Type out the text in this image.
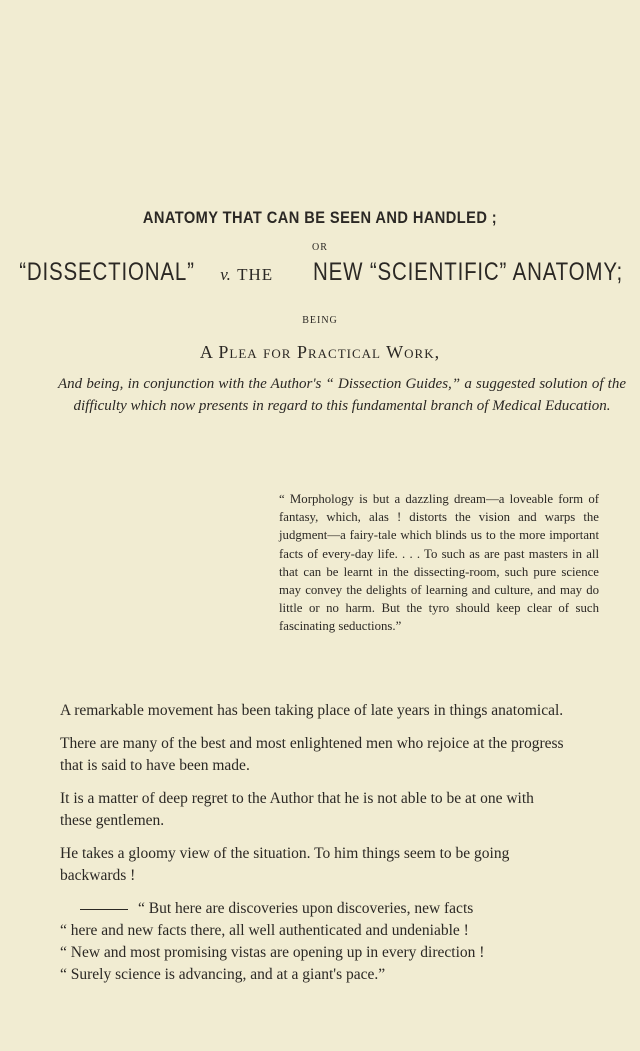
ANATOMY THAT CAN BE SEEN AND HANDLED ;
OR
“DISSECTIONAL” v. THE NEW “SCIENTIFIC” ANATOMY;
BEING
A Plea for Practical Work,
And being, in conjunction with the Author's “ Dissection Guides,” a suggested solution of the difficulty which now presents in regard to this fundamental branch of Medical Education.
“ Morphology is but a dazzling dream—a loveable form of fantasy, which, alas ! distorts the vision and warps the judgment—a fairy-tale which blinds us to the more important facts of every-day life. . . . To such as are past masters in all that can be learnt in the dissecting-room, such pure science may convey the delights of learning and culture, and may do little or no harm. But the tyro should keep clear of such fascinating seductions.”

A remarkable movement has been taking place of late years in things anatomical.

There are many of the best and most enlightened men who rejoice at the progress that is said to have been made.

It is a matter of deep regret to the Author that he is not able to be at one with these gentlemen.

He takes a gloomy view of the situation. To him things seem to be going backwards !

“ But here are discoveries upon discoveries, new facts
“ here and new facts there, all well authenticated and undeniable !
“ New and most promising vistas are opening up in every direction !
“ Surely science is advancing, and at a giant's pace.”
